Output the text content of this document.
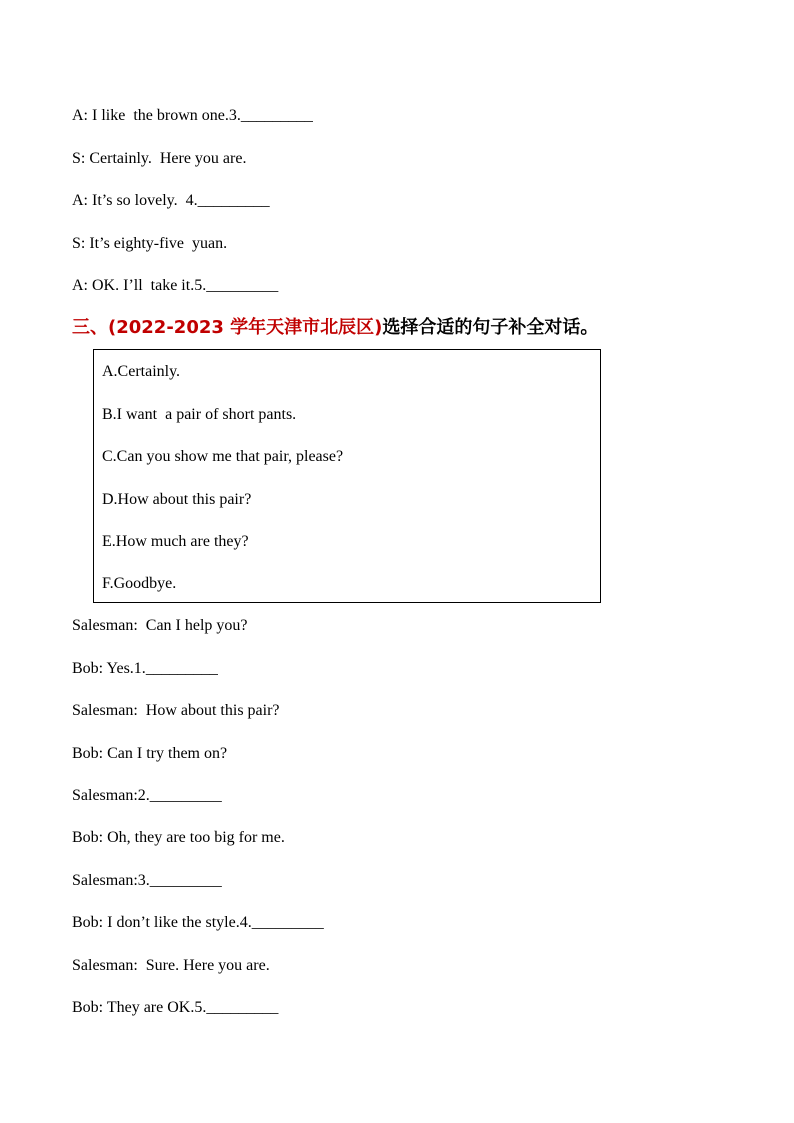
A: I like  the brown one.3._________
S: Certainly.  Here you are.
A: It’s so lovely.  4._________
S: It’s eighty-five  yuan.
A: OK. I’ll  take it.5._________
三、(2022-2023 学年天津市北辰区)选择合适的句子补全对话。
A.Certainly.
B.I want  a pair of short pants.
C.Can you show me that pair, please?
D.How about this pair?
E.How much are they?
F.Goodbye.
Salesman:  Can I help you?
Bob: Yes.1._________
Salesman:  How about this pair?
Bob: Can I try them on?
Salesman:2._________
Bob: Oh, they are too big for me.
Salesman:3._________
Bob: I don’t like the style.4._________
Salesman:  Sure. Here you are.
Bob: They are OK.5._________
